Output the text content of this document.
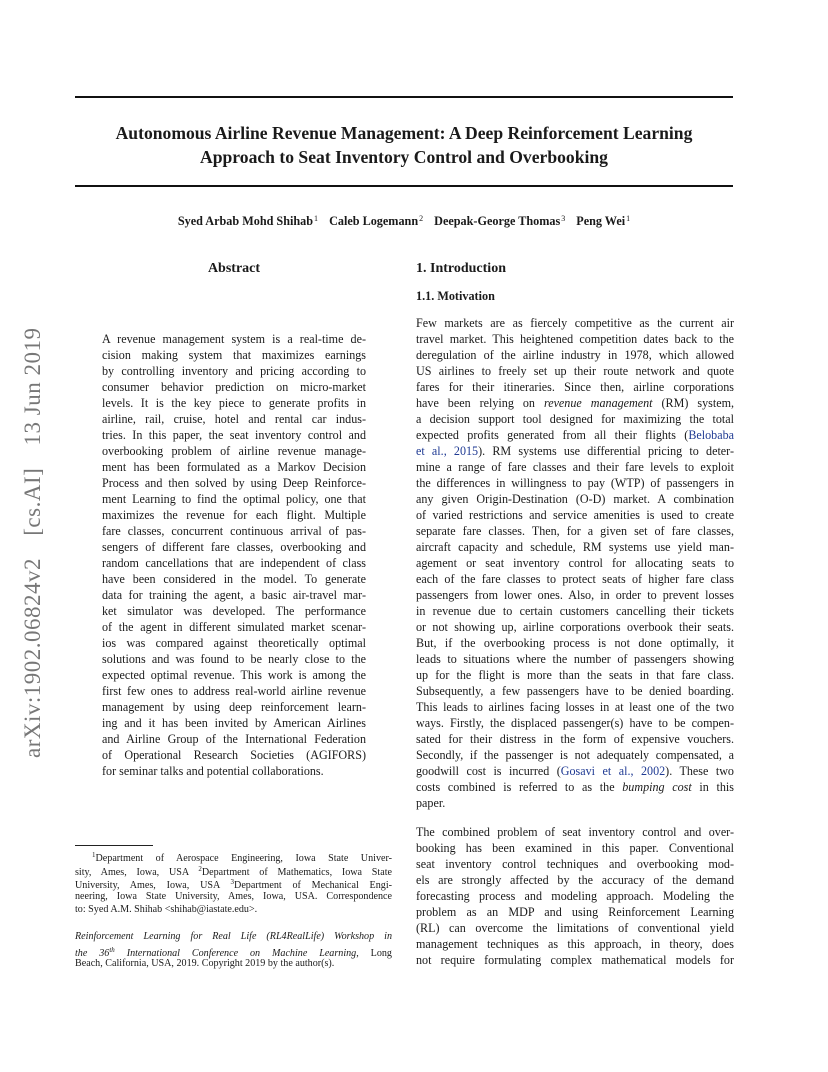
Autonomous Airline Revenue Management: A Deep Reinforcement Learning
Approach to Seat Inventory Control and Overbooking
Syed Arbab Mohd Shihab$^1$ Caleb Logemann$^2$ Deepak-George Thomas$^3$ Peng Wei$^1$
arXiv:1902.06824v2 [cs.AI] 13 Jun 2019
Abstract
A revenue management system is a real-time de-
cision making system that maximizes earnings
by controlling inventory and pricing according to
consumer behavior prediction on micro-market
levels. It is the key piece to generate profits in
airline, rail, cruise, hotel and rental car indus-
tries. In this paper, the seat inventory control and
overbooking problem of airline revenue manage-
ment has been formulated as a Markov Decision
Process and then solved by using Deep Reinforce-
ment Learning to find the optimal policy, one that
maximizes the revenue for each flight. Multiple
fare classes, concurrent continuous arrival of pas-
sengers of different fare classes, overbooking and
random cancellations that are independent of class
have been considered in the model. To generate
data for training the agent, a basic air-travel mar-
ket simulator was developed. The performance
of the agent in different simulated market scenar-
ios was compared against theoretically optimal
solutions and was found to be nearly close to the
expected optimal revenue. This work is among the
first few ones to address real-world airline revenue
management by using deep reinforcement learn-
ing and it has been invited by American Airlines
and Airline Group of the International Federation
of Operational Research Societies (AGIFORS)
for seminar talks and potential collaborations.
1. Introduction
1.1. Motivation
Few markets are as fiercely competitive as the current air
travel market. This heightened competition dates back to the
deregulation of the airline industry in 1978, which allowed
US airlines to freely set up their route network and quote
fares for their itineraries. Since then, airline corporations
have been relying on revenue management (RM) system,
a decision support tool designed for maximizing the total
expected profits generated from all their flights (Belobaba
et al., 2015). RM systems use differential pricing to deter-
mine a range of fare classes and their fare levels to exploit
the differences in willingness to pay (WTP) of passengers in
any given Origin-Destination (O-D) market. A combination
of varied restrictions and service amenities is used to create
separate fare classes. Then, for a given set of fare classes,
aircraft capacity and schedule, RM systems use yield man-
agement or seat inventory control for allocating seats to
each of the fare classes to protect seats of higher fare class
passengers from lower ones. Also, in order to prevent losses
in revenue due to certain customers cancelling their tickets
or not showing up, airline corporations overbook their seats.
But, if the overbooking process is not done optimally, it
leads to situations where the number of passengers showing
up for the flight is more than the seats in that fare class.
Subsequently, a few passengers have to be denied boarding.
This leads to airlines facing losses in at least one of the two
ways. Firstly, the displaced passenger(s) have to be compen-
sated for their distress in the form of expensive vouchers.
Secondly, if the passenger is not adequately compensated, a
goodwill cost is incurred (Gosavi et al., 2002). These two
costs combined is referred to as the bumping cost in this
paper.
The combined problem of seat inventory control and over-
booking has been examined in this paper. Conventional
seat inventory control techniques and overbooking mod-
els are strongly affected by the accuracy of the demand
forecasting process and modeling approach. Modeling the
problem as an MDP and using Reinforcement Learning
(RL) can overcome the limitations of conventional yield
management techniques as this approach, in theory, does
not require formulating complex mathematical models for
$^1$Department of Aerospace Engineering, Iowa State Univer-
sity, Ames, Iowa, USA $^2$Department of Mathematics, Iowa State
University, Ames, Iowa, USA $^3$Department of Mechanical Engi-
neering, Iowa State University, Ames, Iowa, USA. Correspondence
to: Syed A.M. Shihab <shihab@iastate.edu>.
Reinforcement Learning for Real Life (RL4RealLife) Workshop in
the 36th International Conference on Machine Learning, Long
Beach, California, USA, 2019. Copyright 2019 by the author(s).
